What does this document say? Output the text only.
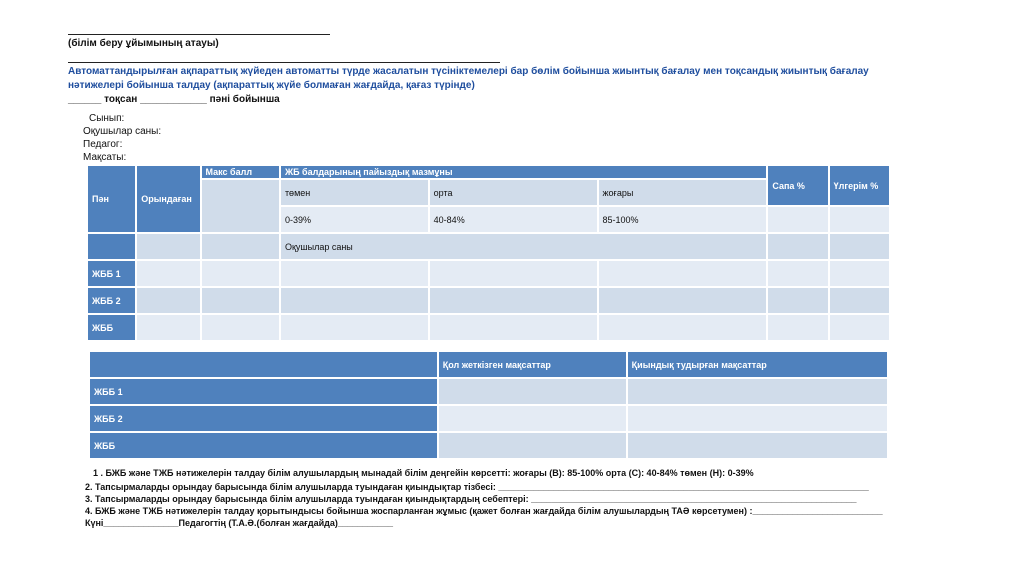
(білім беру ұйымының атауы)
Автоматтандырылған ақпараттық жүйеден автоматты түрде жасалатын түсініктемелері бар бөлім бойынша жиынтық бағалау мен тоқсандық жиынтық бағалау
нәтижелері бойынша талдау (ақпараттық жүйе болмаған жағдайда, қағаз түрінде)
______ тоқсан ____________ пәні бойынша
Сынып:
Оқушылар саны:
Педагог:
Мақсаты:
Пән	Орындаған	Макс балл	ЖБ балдарының пайыздық мазмұны			Сапа %	Үлгерім %
			төмен	орта	жоғары		
			0-39%	40-84%	85-100%		
			Оқушылар саны				
ЖББ 1							
ЖББ 2							
ЖББ							
	Қол жеткізген мақсаттар	Қиындық тудырған мақсаттар
ЖББ 1		
ЖББ 2		
ЖББ		
1 . БЖБ және ТЖБ нәтижелерін талдау білім алушылардың мынадай білім деңгейін көрсетті: жоғары (В): 85-100% орта (С): 40-84% төмен (Н): 0-39%
2. Тапсырмаларды орындау барысында білім алушыларда туындаған қиындықтар тізбесі: __________________________________________________________________________
3. Тапсырмаларды орындау барысында білім алушыларда туындаған қиындықтардың себептері: _________________________________________________________________
4. БЖБ және ТЖБ нәтижелерін талдау қорытындысы бойынша жоспарланған жұмыс (қажет болған жағдайда білім алушылардың ТАӘ көрсетумен) :__________________________
Күні_______________Педагогтің (Т.А.Ә.(болған жағдайда)___________
